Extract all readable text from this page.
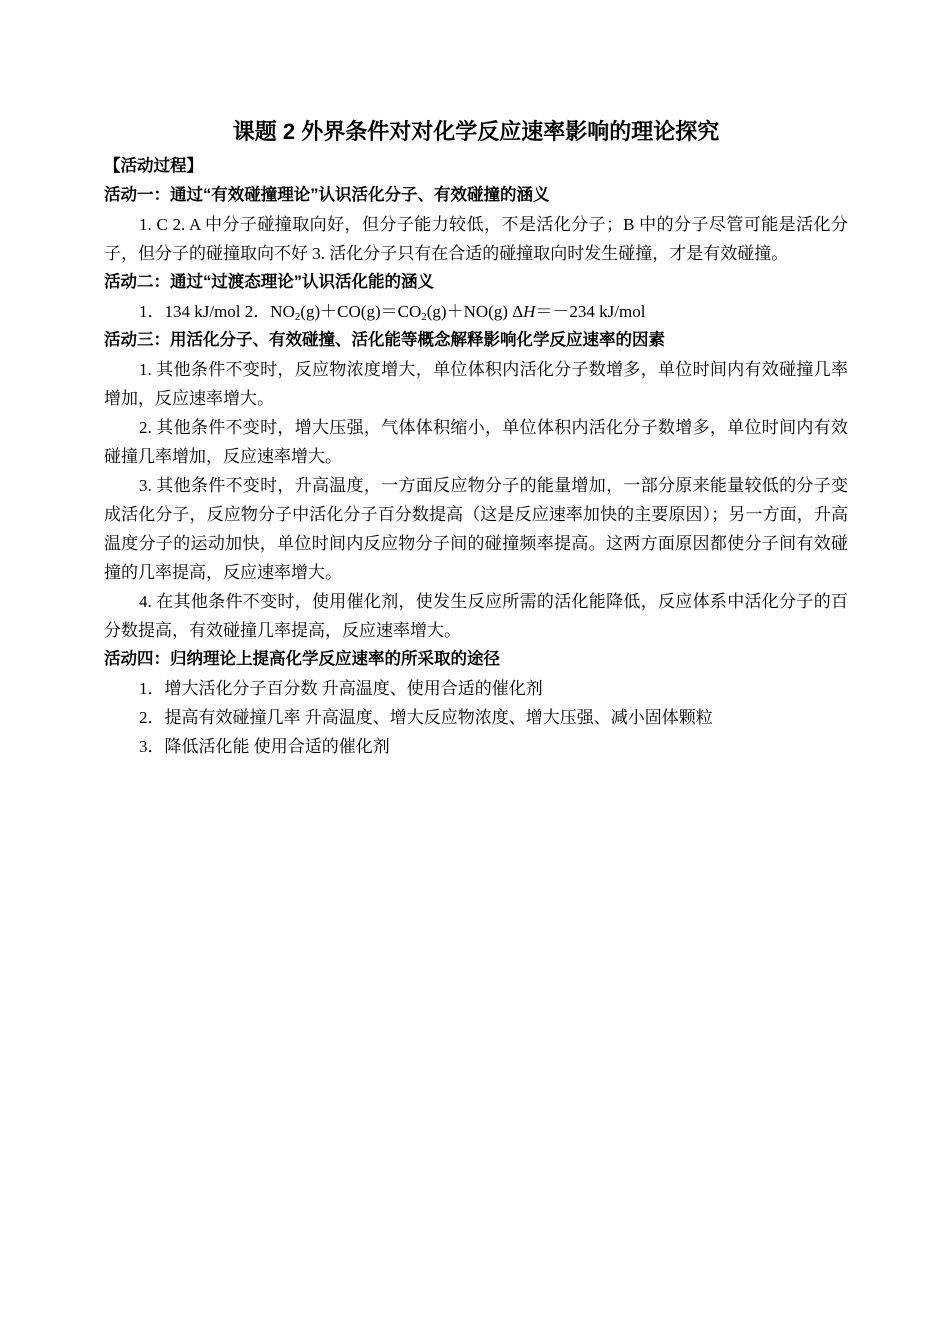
课题 2 外界条件对对化学反应速率影响的理论探究

【活动过程】

活动一：通过“有效碰撞理论”认识活化分子、有效碰撞的涵义

1. C 2. A 中分子碰撞取向好，但分子能力较低，不是活化分子；B 中的分子尽管可能是活化分子，但分子的碰撞取向不好 3. 活化分子只有在合适的碰撞取向时发生碰撞，才是有效碰撞。

活动二：通过“过渡态理论”认识活化能的涵义

1．134 kJ/mol 2．$NO_2(g)+CO(g)=CO_2(g)+NO(g)$ ΔH＝－234 kJ/mol

活动三：用活化分子、有效碰撞、活化能等概念解释影响化学反应速率的因素

1. 其他条件不变时，反应物浓度增大，单位体积内活化分子数增多，单位时间内有效碰撞几率增加，反应速率增大。

2. 其他条件不变时，增大压强，气体体积缩小，单位体积内活化分子数增多，单位时间内有效碰撞几率增加，反应速率增大。

3. 其他条件不变时，升高温度，一方面反应物分子的能量增加，一部分原来能量较低的分子变成活化分子，反应物分子中活化分子百分数提高（这是反应速率加快的主要原因）；另一方面，升高温度分子的运动加快，单位时间内反应物分子间的碰撞频率提高。这两方面原因都使分子间有效碰撞的几率提高，反应速率增大。

4. 在其他条件不变时，使用催化剂，使发生反应所需的活化能降低，反应体系中活化分子的百分数提高，有效碰撞几率提高，反应速率增大。

活动四：归纳理论上提高化学反应速率的所采取的途径

1．增大活化分子百分数 升高温度、使用合适的催化剂

2．提高有效碰撞几率 升高温度、增大反应物浓度、增大压强、减小固体颗粒

3．降低活化能 使用合适的催化剂
